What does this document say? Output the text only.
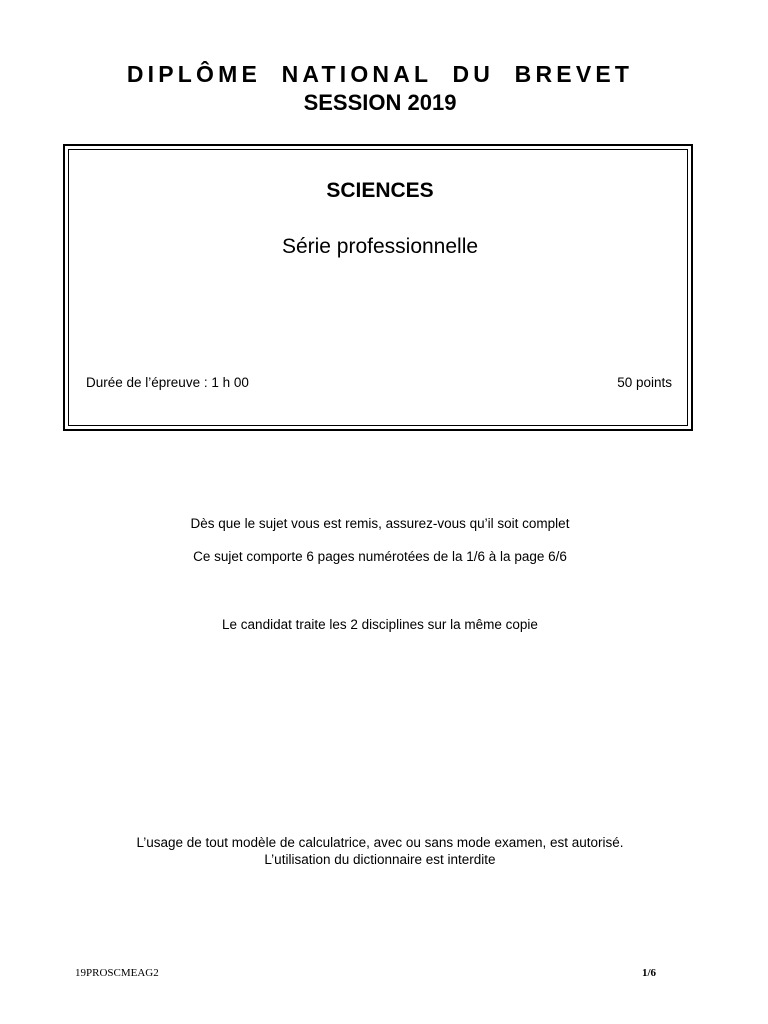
DIPLÔME NATIONAL DU BREVET
SESSION 2019
SCIENCES
Série professionnelle
Durée de l’épreuve : 1 h 00	50 points
Dès que le sujet vous est remis, assurez-vous qu’il soit complet
Ce sujet comporte 6 pages numérotées de la 1/6 à la page 6/6
Le candidat traite les 2 disciplines sur la même copie
L’usage de tout modèle de calculatrice, avec ou sans mode examen, est autorisé.
L’utilisation du dictionnaire est interdite
19PROSCMEAG2	1/6
